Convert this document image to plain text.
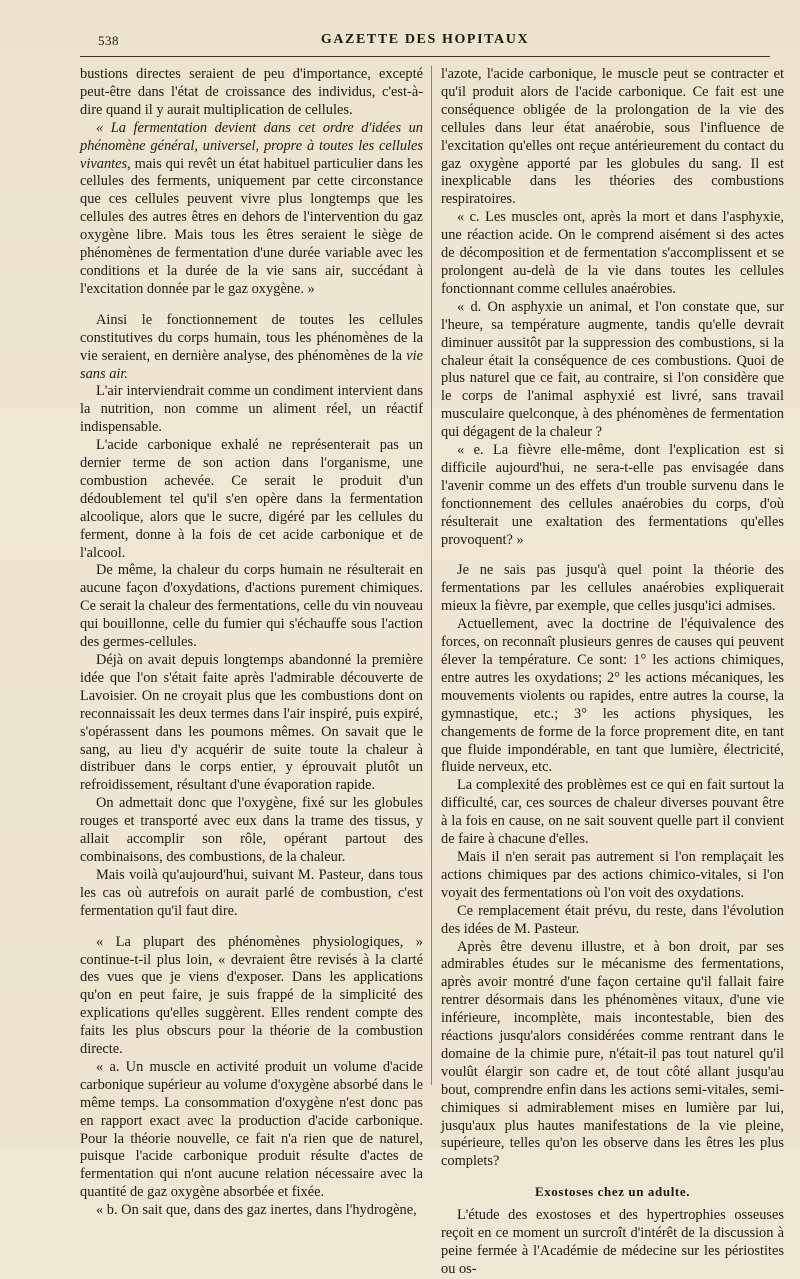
538	GAZETTE DES HOPITAUX

bustions directes seraient de peu d'importance, excepté peut-être dans l'état de croissance des individus, c'est-à-dire quand il y aurait multiplication de cellules.

« La fermentation devient dans cet ordre d'idées un phénomène général, universel, propre à toutes les cellules vivantes, mais qui revêt un état habituel particulier dans les cellules des ferments, uniquement par cette circonstance que ces cellules peuvent vivre plus longtemps que les cellules des autres êtres en dehors de l'intervention du gaz oxygène libre. Mais tous les êtres seraient le siège de phénomènes de fermentation d'une durée variable avec les conditions et la durée de la vie sans air, succédant à l'excitation donnée par le gaz oxygène. »

Ainsi le fonctionnement de toutes les cellules constitutives du corps humain, tous les phénomènes de la vie seraient, en dernière analyse, des phénomènes de la vie sans air.

L'air interviendrait comme un condiment intervient dans la nutrition, non comme un aliment réel, un réactif indispensable.

L'acide carbonique exhalé ne représenterait pas un dernier terme de son action dans l'organisme, une combustion achevée. Ce serait le produit d'un dédoublement tel qu'il s'en opère dans la fermentation alcoolique, alors que le sucre, digéré par les cellules du ferment, donne à la fois de cet acide carbonique et de l'alcool.

De même, la chaleur du corps humain ne résulterait en aucune façon d'oxydations, d'actions purement chimiques. Ce serait la chaleur des fermentations, celle du vin nouveau qui bouillonne, celle du fumier qui s'échauffe sous l'action des germes-cellules.

Déjà on avait depuis longtemps abandonné la première idée que l'on s'était faite après l'admirable découverte de Lavoisier. On ne croyait plus que les combustions dont on reconnaissait les deux termes dans l'air inspiré, puis expiré, s'opérassent dans les poumons mêmes. On savait que le sang, au lieu d'y acquérir de suite toute la chaleur à distribuer dans le corps entier, y éprouvait plutôt un refroidissement, résultant d'une évaporation rapide.

On admettait donc que l'oxygène, fixé sur les globules rouges et transporté avec eux dans la trame des tissus, y allait accomplir son rôle, opérant partout des combinaisons, des combustions, de la chaleur.

Mais voilà qu'aujourd'hui, suivant M. Pasteur, dans tous les cas où autrefois on aurait parlé de combustion, c'est fermentation qu'il faut dire.

« La plupart des phénomènes physiologiques, » continue-t-il plus loin, « devraient être revisés à la clarté des vues que je viens d'exposer. Dans les applications qu'on en peut faire, je suis frappé de la simplicité des explications qu'elles suggèrent. Elles rendent compte des faits les plus obscurs pour la théorie de la combustion directe.

« a. Un muscle en activité produit un volume d'acide carbonique supérieur au volume d'oxygène absorbé dans le même temps. La consommation d'oxygène n'est donc pas en rapport exact avec la production d'acide carbonique. Pour la théorie nouvelle, ce fait n'a rien que de naturel, puisque l'acide carbonique produit résulte d'actes de fermentation qui n'ont aucune relation nécessaire avec la quantité de gaz oxygène absorbée et fixée.

« b. On sait que, dans des gaz inertes, dans l'hydrogène,

l'azote, l'acide carbonique, le muscle peut se contracter et qu'il produit alors de l'acide carbonique. Ce fait est une conséquence obligée de la prolongation de la vie des cellules dans leur état anaérobie, sous l'influence de l'excitation qu'elles ont reçue antérieurement du contact du gaz oxygène apporté par les globules du sang. Il est inexplicable dans les théories des combustions respiratoires.

« c. Les muscles ont, après la mort et dans l'asphyxie, une réaction acide. On le comprend aisément si des actes de décomposition et de fermentation s'accomplissent et se prolongent au-delà de la vie dans toutes les cellules fonctionnant comme cellules anaérobies.

« d. On asphyxie un animal, et l'on constate que, sur l'heure, sa température augmente, tandis qu'elle devrait diminuer aussitôt par la suppression des combustions, si la chaleur était la conséquence de ces combustions. Quoi de plus naturel que ce fait, au contraire, si l'on considère que le corps de l'animal asphyxié est livré, sans travail musculaire quelconque, à des phénomènes de fermentation qui dégagent de la chaleur ?

« e. La fièvre elle-même, dont l'explication est si difficile aujourd'hui, ne sera-t-elle pas envisagée dans l'avenir comme un des effets d'un trouble survenu dans le fonctionnement des cellules anaérobies du corps, d'où résulterait une exaltation des fermentations qu'elles provoquent? »

Je ne sais pas jusqu'à quel point la théorie des fermentations par les cellules anaérobies expliquerait mieux la fièvre, par exemple, que celles jusqu'ici admises.

Actuellement, avec la doctrine de l'équivalence des forces, on reconnaît plusieurs genres de causes qui peuvent élever la température. Ce sont: 1° les actions chimiques, entre autres les oxydations; 2° les actions mécaniques, les mouvements violents ou rapides, entre autres la course, la gymnastique, etc.; 3° les actions physiques, les changements de forme de la force proprement dite, en tant que fluide impondérable, en tant que lumière, électricité, fluide nerveux, etc.

La complexité des problèmes est ce qui en fait surtout la difficulté, car, ces sources de chaleur diverses pouvant être à la fois en cause, on ne sait souvent quelle part il convient de faire à chacune d'elles.

Mais il n'en serait pas autrement si l'on remplaçait les actions chimiques par des actions chimico-vitales, si l'on voyait des fermentations où l'on voit des oxydations.

Ce remplacement était prévu, du reste, dans l'évolution des idées de M. Pasteur.

Après être devenu illustre, et à bon droit, par ses admirables études sur le mécanisme des fermentations, après avoir montré d'une façon certaine qu'il fallait faire rentrer désormais dans les phénomènes vitaux, d'une vie inférieure, incomplète, mais incontestable, bien des réactions jusqu'alors considérées comme rentrant dans le domaine de la chimie pure, n'était-il pas tout naturel qu'il voulût élargir son cadre et, de tout côté allant jusqu'au bout, comprendre enfin dans les actions semi-vitales, semi-chimiques si admirablement mises en lumière par lui, jusqu'aux plus hautes manifestations de la vie pleine, supérieure, telles qu'on les observe dans les êtres les plus complets?

Exostoses chez un adulte.

L'étude des exostoses et des hypertrophies osseuses reçoit en ce moment un surcroît d'intérêt de la discussion à peine fermée à l'Académie de médecine sur les périostites ou os-
